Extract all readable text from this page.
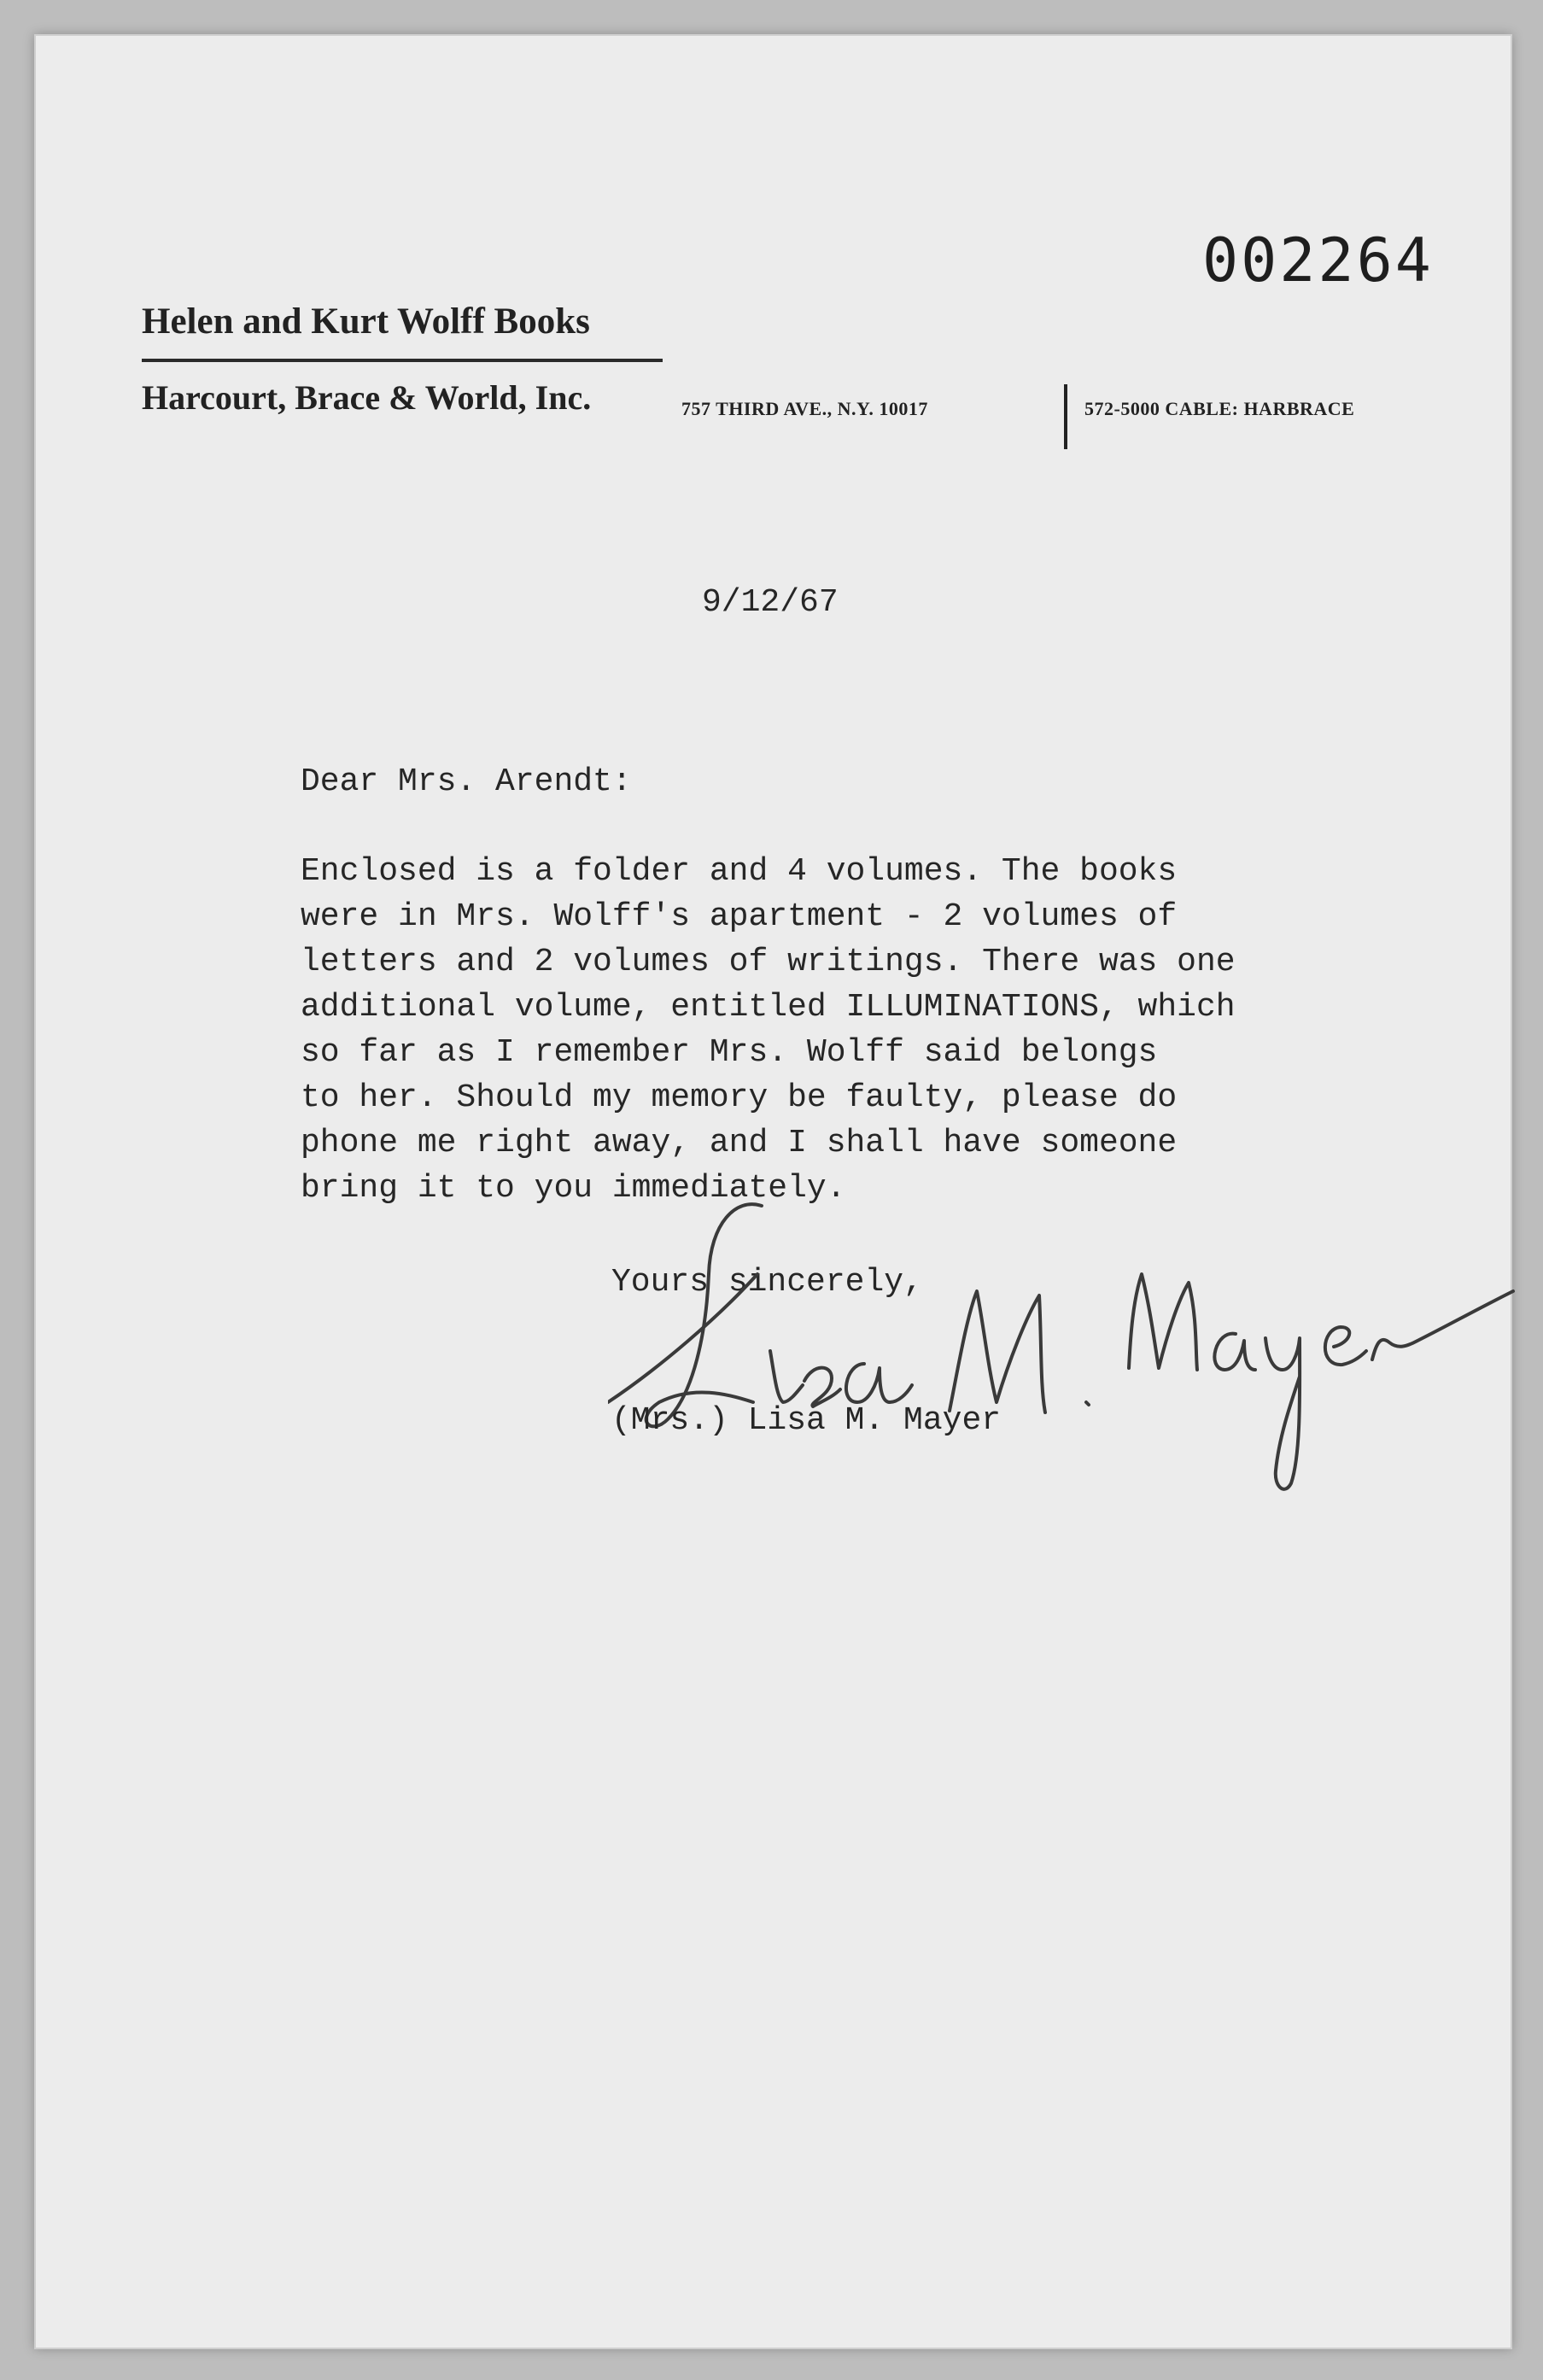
002264
Helen and Kurt Wolff Books
Harcourt, Brace & World, Inc.	757 THIRD AVE., N.Y. 10017	572-5000 CABLE: HARBRACE
9/12/67
Dear Mrs. Arendt:
Enclosed is a folder and 4 volumes. The books
were in Mrs. Wolff's apartment - 2 volumes of
letters and 2 volumes of writings. There was one
additional volume, entitled ILLUMINATIONS, which
so far as I remember Mrs. Wolff said belongs
to her. Should my memory be faulty, please do
phone me right away, and I shall have someone
bring it to you immediately.
Yours sincerely,
(Mrs.) Lisa M. Mayer
